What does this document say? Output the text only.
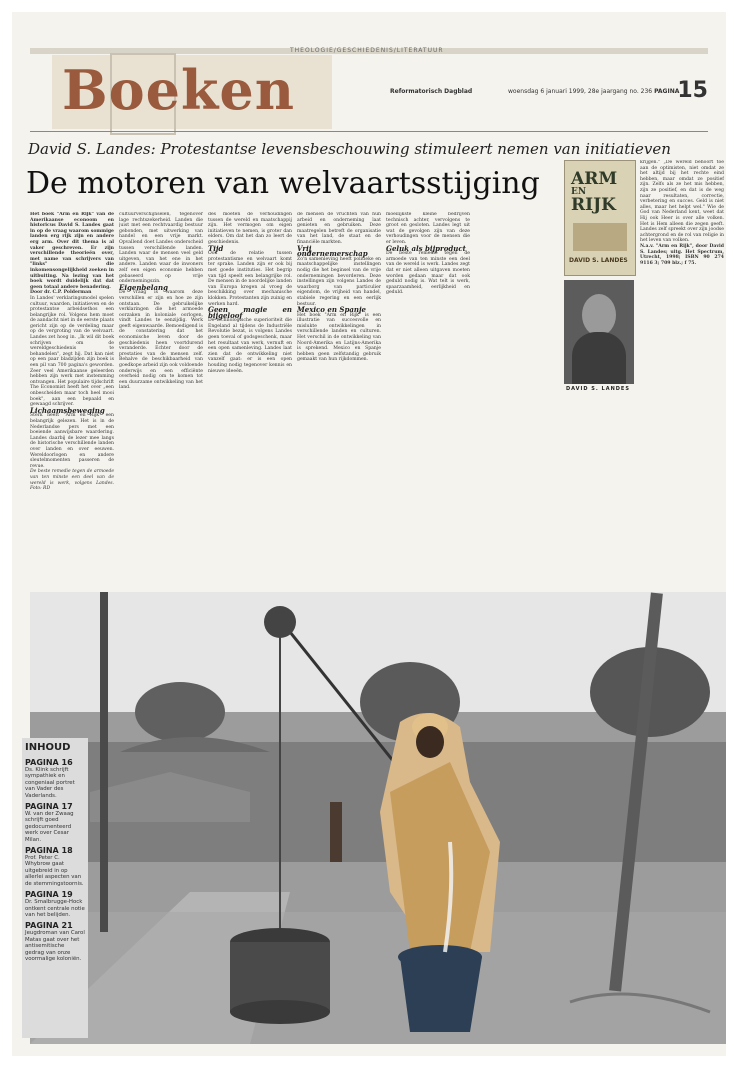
THEOLOGIE/GESCHIEDENIS/LITERATUUR
Boeken	Reformatorisch Dagblad	woensdag 6 januari 1999, 28e jaargang no. 236 PAGINA
15
David S. Landes: Protestantse levensbeschouwing stimuleert nemen van initiatieven
De motoren van welvaartsstijging

Het boek "Arm en Rijk" van de Amerikaanse econoom en historicus David S. Landes gaat in op de vraag waarom sommige landen erg rijk zijn en andere erg arm. Over dit thema is al vaker geschreven. Er zijn verschillende theorieën over, met name van schrijvers van "links" die inkomensongelijkheid zoeken in uitbuiting. Na lezing van het boek wordt duidelijk dat dat geen totaal andere benadering.

Door dr. C.P. Polderman

In Landes' verklaringsmodel spelen cultuur, waarden, initiatieven en de protestantse arbeidsethos een belangrijke rol. Volgens hem moet de aandacht niet in de eerste plaats gericht zijn op de verdeling maar op de vergroting van de welvaart. Landes zet hoog in. „Ik wil dit boek schrijven om de wereldgeschiedenis te behandelen", zegt hij. Dat kan niet op een paar bladzijden zijn boek is een pil van 700 pagina's geworden. Zeer veel Amerikaanse geleerden hebben zijn werk met instemming ontvangen. Het populaire tijdschrift The Economist heeft het over „een onbescheiden maar toch heel mooi boek", aan een bepaald en gewaagd schrijver.

Lichaamsbeweging

Sterk heeft "Arm en Rijk" een belangrijk gelezen. Het is in de Nederlandse pers met een boeiende aanwijsbare waardering. Landes daarbij de lezer mee langs de historische verschillende landen over landen en over eeuwen. Wereldoorlogen en andere sleutelmomenten passeren de revue.

De beste remedie tegen de armoede van ten minste een deel van de wereld is werk, volgens Landes. Foto: RD

cultuurverschijnselen, tegenover lage rechtszekerheid. Landen die juist met een rechtvaardig bestuur gebonden, met uitwerking van handel en een vrije markt. Opvallend doet Landes onderscheid tussen verschillende landen. Landen waar de mensen veel geld uitgeven, van het ene in het andere. Landen waar de inwoners zelf een eigen economie hebben gebaseerd op vrije ondernemingszin.

Eigenbelang

De vraag is waarom deze verschillen er zijn en hoe ze zijn ontstaan. De gebruikelijke verklaringen die het armoede oorzaken in koloniale oorlogen, vindt Landes te eenzijdig. Werk geeft eigenwaarde. Bemoedigend is de constatering dat het economische leven door de geschiedenis heen voortdurend veranderde. Echter door de prestaties van de mensen zelf. Behalve de beschikbaarheid van goedkope arbeid zijn ook voldoende onderwijs en een efficiënte overheid nodig om te komen tot een duurzame ontwikkeling van het land.

des moeten de verhoudingen tussen de wereld en maatschappij zijn. Het vermogen om eigen initiatieven te nemen, is groter dan elders. Om dat het dan zo leert de geschiedenis.

Tijd

Ook de relatie tussen protestantisme en welvaart komt ter sprake. Landen zijn er ook bij met goede instituties. Het begrip van tijd speelt een belangrijke rol. De mensen in de noordelijke landen van Europa kregen al vroeg de beschikking over mechanische klokken. Protestanten zijn zuinig en werken hard.

Geen magie en bijgeloof

De technologische superioriteit die Engeland al tijdens de Industriële Revolutie bezat, is volgens Landes geen toeval of godsgeschenk, maar het resultaat van werk, vernuft en een open samenleving. Landes laat zien dat de ontwikkeling niet vanzelf gaat: er is een open houding nodig tegenover kennis en nieuwe ideeën.

de mensen de vruchten van hun arbeid en onderneming laat genieten en gebruiken. Deze maatregelen betreft de organisatie van het land, de staat en de financiële markten.

Vrij ondernemerschap

Zo'n samenleving heeft politieke en maatschappelijke instellingen nodig die het beginsel van de vrije ondernemingen bevorderen. Deze instellingen zijn volgens Landes de waarborg van particulier eigendom, de vrijheid van handel, stabiele regering en een eerlijk bestuur.

Mexico en Spanje

Het boek "Arm en Rijk" is een illustratie van succesvolle en mislukte ontwikkelingen in verschillende landen en culturen. Het verschil in de ontwikkeling van Noord-Amerika en Latijns-Amerika is sprekend. Mexico en Spanje hebben geen zelfstandig gebruik gemaakt van hun rijkdommen.

moeilijkste kleine bedrijven technisch achter, vervolgens te groot en gesloten. Landes legt uit wat de gevolgen zijn van deze verhoudingen voor de mensen die er leven.

Geluk als bijproduct

De beste remedie tegen de armoede van ten minste een deel van de wereld is werk. Landes zegt dat er niet alleen uitgaven moeten worden gedaan maar dat ook geduld nodig is. Wat telt is werk, spaarzaamheid, eerlijkheid en geduld.

krijgen." „De wereld behoort toe aan de optimisten, niet omdat ze het altijd bij het rechte eind hebben, maar omdat ze positief zijn. Zelfs als ze het mis hebben, zijn ze positief, en dat is de weg naar resultaten, correctie, verbetering en succes. Geld is niet alles, maar het helpt wel." Wie de God van Nederland kent, weet dat Hij ook Heer is over alle volken. Het is Hem alleen die zegen geeft. Landes zelf spreekt over zijn joodse achtergrond en de rol van religie in het leven van volken.

N.a.v. "Arm en Rijk", door David S. Landes; uitg. Het Spectrum, Utrecht, 1998; ISBN 90 274 9116 3; 709 blz.; f 75.

ARM
EN
RIJK
DAVID S. LANDES
DAVID S. LANDES
INHOUD
PAGINA 16
Ds. Klink schrijft sympathiek en congeniaal portret van Vader des Vaderlands.
PAGINA 17
W. van der Zwaag schrijft goed gedocumenteerd werk over Cesar Milan.
PAGINA 18
Prof. Peter C. Whybrow gaat uitgebreid in op allerlei aspecten van de stemmingstoornis.
PAGINA 19
Dr. Smalbrugge-Hock ontkent centrale notie van het belijden.
PAGINA 21
Jeugdroman van Carol Matas gaat over het antisemitische gedrag van onze voormalige koloniën.
